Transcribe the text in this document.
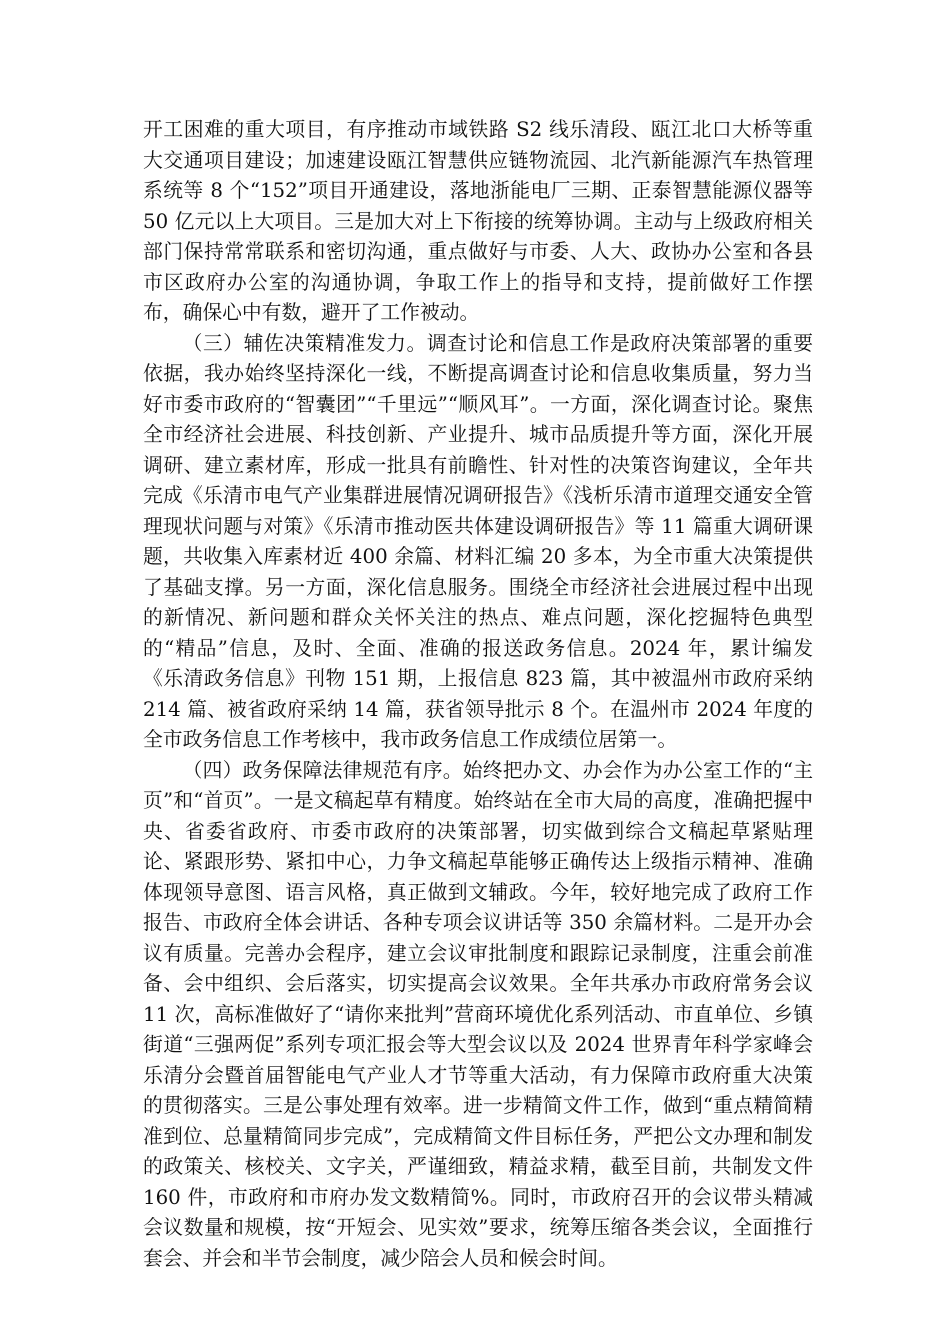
开工困难的重大项目，有序推动市域铁路 S2 线乐清段、瓯江北口大桥等重大交通项目建设；加速建设瓯江智慧供应链物流园、北汽新能源汽车热管理系统等 8 个“152”项目开通建设，落地浙能电厂三期、正泰智慧能源仪器等 50 亿元以上大项目。三是加大对上下衔接的统筹协调。主动与上级政府相关部门保持常常联系和密切沟通，重点做好与市委、人大、政协办公室和各县市区政府办公室的沟通协调，争取工作上的指导和支持，提前做好工作摆布，确保心中有数，避开了工作被动。

（三）辅佐决策精准发力。调查讨论和信息工作是政府决策部署的重要依据，我办始终坚持深化一线，不断提高调查讨论和信息收集质量，努力当好市委市政府的“智囊团”“千里远”“顺风耳”。一方面，深化调查讨论。聚焦全市经济社会进展、科技创新、产业提升、城市品质提升等方面，深化开展调研、建立素材库，形成一批具有前瞻性、针对性的决策咨询建议，全年共完成《乐清市电气产业集群进展情况调研报告》《浅析乐清市道理交通安全管理现状问题与对策》《乐清市推动医共体建设调研报告》等 11 篇重大调研课题，共收集入库素材近 400 余篇、材料汇编 20 多本，为全市重大决策提供了基础支撑。另一方面，深化信息服务。围绕全市经济社会进展过程中出现的新情况、新问题和群众关怀关注的热点、难点问题，深化挖掘特色典型的“精品”信息，及时、全面、准确的报送政务信息。2024 年，累计编发《乐清政务信息》刊物 151 期，上报信息 823 篇，其中被温州市政府采纳 214 篇、被省政府采纳 14 篇，获省领导批示 8 个。在温州市 2024 年度的全市政务信息工作考核中，我市政务信息工作成绩位居第一。

（四）政务保障法律规范有序。始终把办文、办会作为办公室工作的“主页”和“首页”。一是文稿起草有精度。始终站在全市大局的高度，准确把握中央、省委省政府、市委市政府的决策部署，切实做到综合文稿起草紧贴理论、紧跟形势、紧扣中心，力争文稿起草能够正确传达上级指示精神、准确体现领导意图、语言风格，真正做到文辅政。今年，较好地完成了政府工作报告、市政府全体会讲话、各种专项会议讲话等 350 余篇材料。二是开办会议有质量。完善办会程序，建立会议审批制度和跟踪记录制度，注重会前准备、会中组织、会后落实，切实提高会议效果。全年共承办市政府常务会议 11 次，高标准做好了“请你来批判”营商环境优化系列活动、市直单位、乡镇街道“三强两促”系列专项汇报会等大型会议以及 2024 世界青年科学家峰会乐清分会暨首届智能电气产业人才节等重大活动，有力保障市政府重大决策的贯彻落实。三是公事处理有效率。进一步精简文件工作，做到“重点精简精准到位、总量精简同步完成”，完成精简文件目标任务，严把公文办理和制发的政策关、核校关、文字关，严谨细致，精益求精，截至目前，共制发文件 160 件，市政府和市府办发文数精简%。同时，市政府召开的会议带头精减会议数量和规模，按“开短会、见实效”要求，统筹压缩各类会议，全面推行套会、并会和半节会制度，减少陪会人员和候会时间。
